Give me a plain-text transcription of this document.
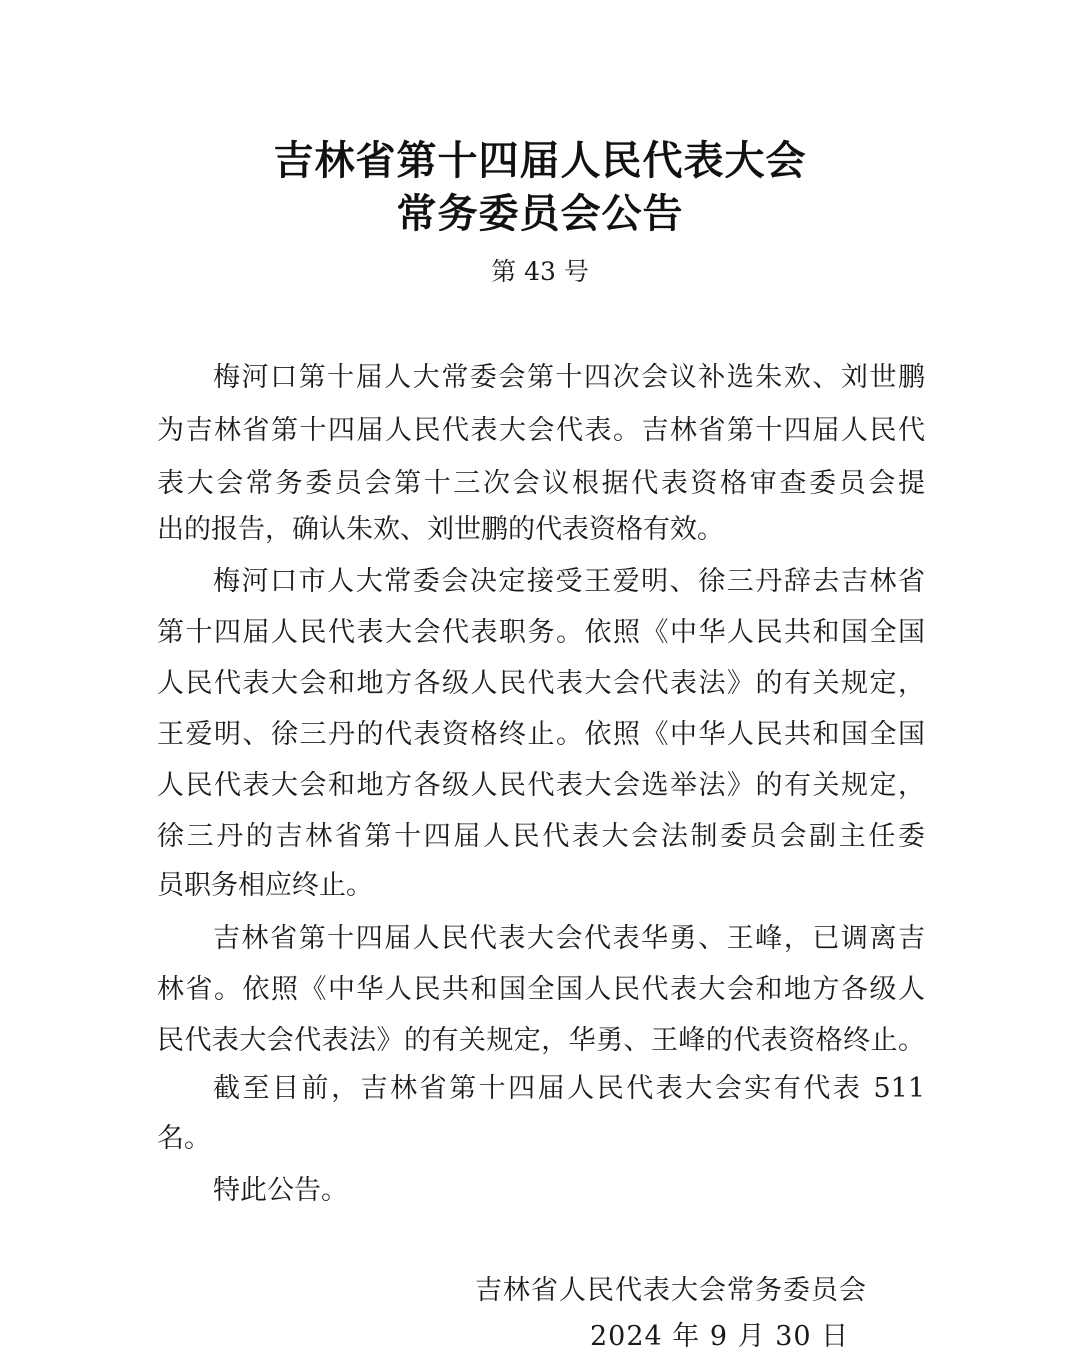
吉林省第十四届人民代表大会
常务委员会公告
第 43 号
梅河口第十届人大常委会第十四次会议补选朱欢、刘世鹏
为吉林省第十四届人民代表大会代表。吉林省第十四届人民代
表大会常务委员会第十三次会议根据代表资格审查委员会提
出的报告，确认朱欢、刘世鹏的代表资格有效。
梅河口市人大常委会决定接受王爱明、徐三丹辞去吉林省
第十四届人民代表大会代表职务。依照《中华人民共和国全国
人民代表大会和地方各级人民代表大会代表法》的有关规定，
王爱明、徐三丹的代表资格终止。依照《中华人民共和国全国
人民代表大会和地方各级人民代表大会选举法》的有关规定，
徐三丹的吉林省第十四届人民代表大会法制委员会副主任委
员职务相应终止。
吉林省第十四届人民代表大会代表华勇、王峰，已调离吉
林省。依照《中华人民共和国全国人民代表大会和地方各级人
民代表大会代表法》的有关规定，华勇、王峰的代表资格终止。
截至目前，吉林省第十四届人民代表大会实有代表 511
名。
特此公告。
吉林省人民代表大会常务委员会
2024 年 9 月 30 日
